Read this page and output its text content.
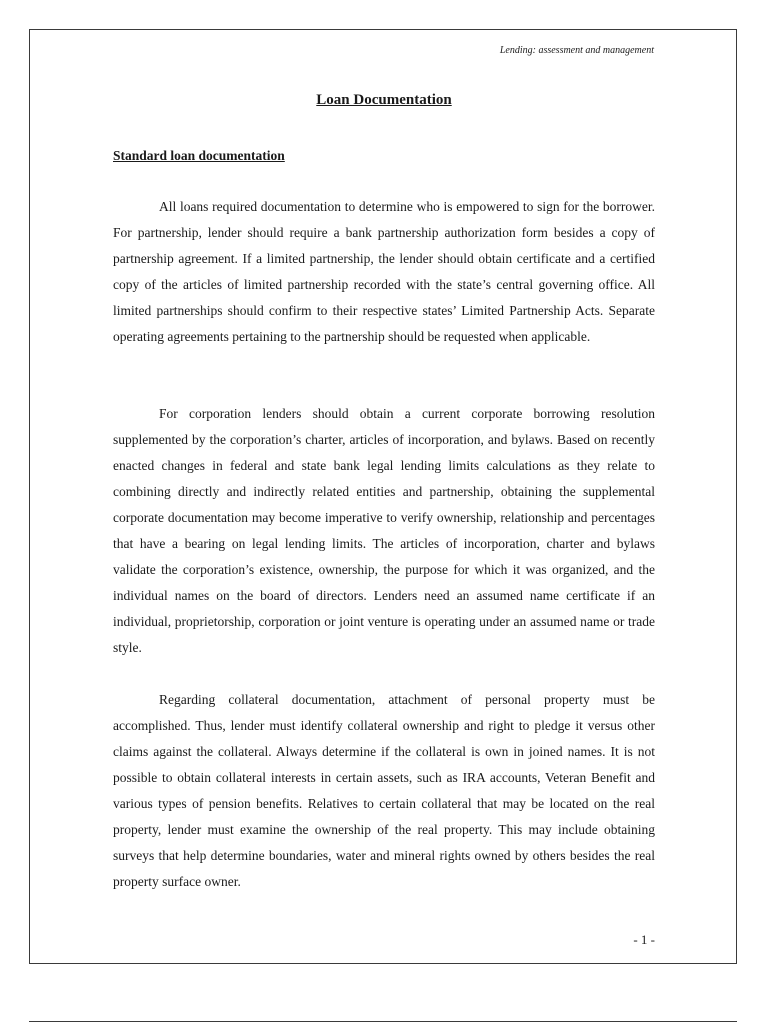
Lending: assessment and management
Loan Documentation
Standard loan documentation

All loans required documentation to determine who is empowered to sign for the borrower. For partnership, lender should require a bank partnership authorization form besides a copy of partnership agreement. If a limited partnership, the lender should obtain certificate and a certified copy of the articles of limited partnership recorded with the state’s central governing office. All limited partnerships should confirm to their respective states’ Limited Partnership Acts. Separate operating agreements pertaining to the partnership should be requested when applicable.

For corporation lenders should obtain a current corporate borrowing resolution supplemented by the corporation’s charter, articles of incorporation, and bylaws. Based on recently enacted changes in federal and state bank legal lending limits calculations as they relate to combining directly and indirectly related entities and partnership, obtaining the supplemental corporate documentation may become imperative to verify ownership, relationship and percentages that have a bearing on legal lending limits. The articles of incorporation, charter and bylaws validate the corporation’s existence, ownership, the purpose for which it was organized, and the individual names on the board of directors. Lenders need an assumed name certificate if an individual, proprietorship, corporation or joint venture is operating under an assumed name or trade style.

Regarding collateral documentation, attachment of personal property must be accomplished. Thus, lender must identify collateral ownership and right to pledge it versus other claims against the collateral. Always determine if the collateral is own in joined names. It is not possible to obtain collateral interests in certain assets, such as IRA accounts, Veteran Benefit and various types of pension benefits. Relatives to certain collateral that may be located on the real property, lender must examine the ownership of the real property. This may include obtaining surveys that help determine boundaries, water and mineral rights owned by others besides the real property surface owner.

- 1 -
